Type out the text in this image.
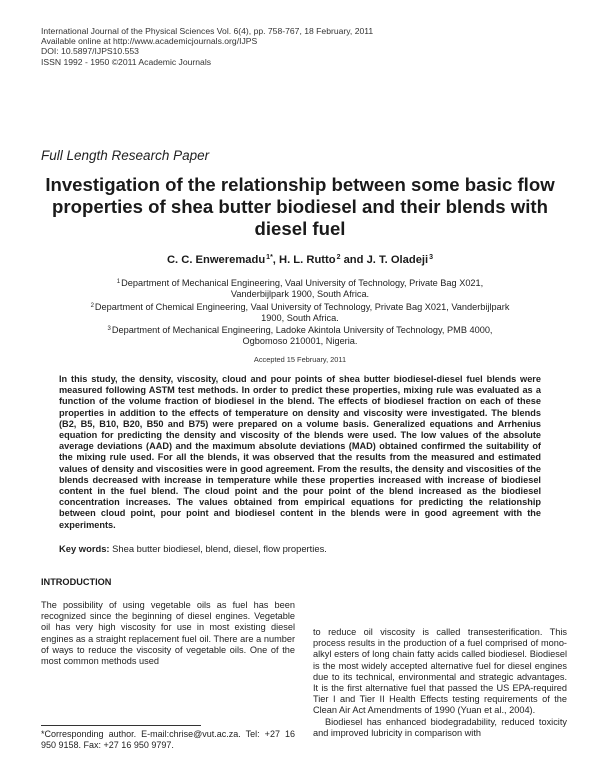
International Journal of the Physical Sciences Vol. 6(4), pp. 758-767, 18 February, 2011
Available online at http://www.academicjournals.org/IJPS
DOI: 10.5897/IJPS10.553
ISSN 1992 - 1950 ©2011 Academic Journals
Full Length Research Paper
Investigation of the relationship between some basic flow properties of shea butter biodiesel and their blends with diesel fuel
C. C. Enweremadu$^{1*}$, H. L. Rutto$^2$ and J. T. Oladeji$^3$
$^1$Department of Mechanical Engineering, Vaal University of Technology, Private Bag X021, Vanderbijlpark 1900, South Africa.
$^2$Department of Chemical Engineering, Vaal University of Technology, Private Bag X021, Vanderbijlpark 1900, South Africa.
$^3$Department of Mechanical Engineering, Ladoke Akintola University of Technology, PMB 4000, Ogbomoso 210001, Nigeria.
Accepted 15 February, 2011
In this study, the density, viscosity, cloud and pour points of shea butter biodiesel-diesel fuel blends were measured following ASTM test methods. In order to predict these properties, mixing rule was evaluated as a function of the volume fraction of biodiesel in the blend. The effects of biodiesel fraction on each of these properties in addition to the effects of temperature on density and viscosity were investigated. The blends (B2, B5, B10, B20, B50 and B75) were prepared on a volume basis. Generalized equations and Arrhenius equation for predicting the density and viscosity of the blends were used. The low values of the absolute average deviations (AAD) and the maximum absolute deviations (MAD) obtained confirmed the suitability of the mixing rule used. For all the blends, it was observed that the results from the measured and estimated values of density and viscosities were in good agreement. From the results, the density and viscosities of the blends decreased with increase in temperature while these properties increased with increase of biodiesel content in the fuel blend. The cloud point and the pour point of the blend increased as the biodiesel concentration increases. The values obtained from empirical equations for predicting the relationship between cloud point, pour point and biodiesel content in the blends were in good agreement with the experiments.
Key words: Shea butter biodiesel, blend, diesel, flow properties.
INTRODUCTION
The possibility of using vegetable oils as fuel has been recognized since the beginning of diesel engines. Vegetable oil has very high viscosity for use in most existing diesel engines as a straight replacement fuel oil. There are a number of ways to reduce the viscosity of vegetable oils. One of the most common methods used

to reduce oil viscosity is called transesterification. This process results in the production of a fuel comprised of mono-alkyl esters of long chain fatty acids called biodiesel. Biodiesel is the most widely accepted alternative fuel for diesel engines due to its technical, environmental and strategic advantages. It is the first alternative fuel that passed the US EPA-required Tier I and Tier II Health Effects testing requirements of the Clean Air Act Amendments of 1990 (Yuan et al., 2004).

Biodiesel has enhanced biodegradability, reduced toxicity and improved lubricity in comparison with

*Corresponding author. E-mail:chrise@vut.ac.za. Tel: +27 16 950 9158. Fax: +27 16 950 9797.
